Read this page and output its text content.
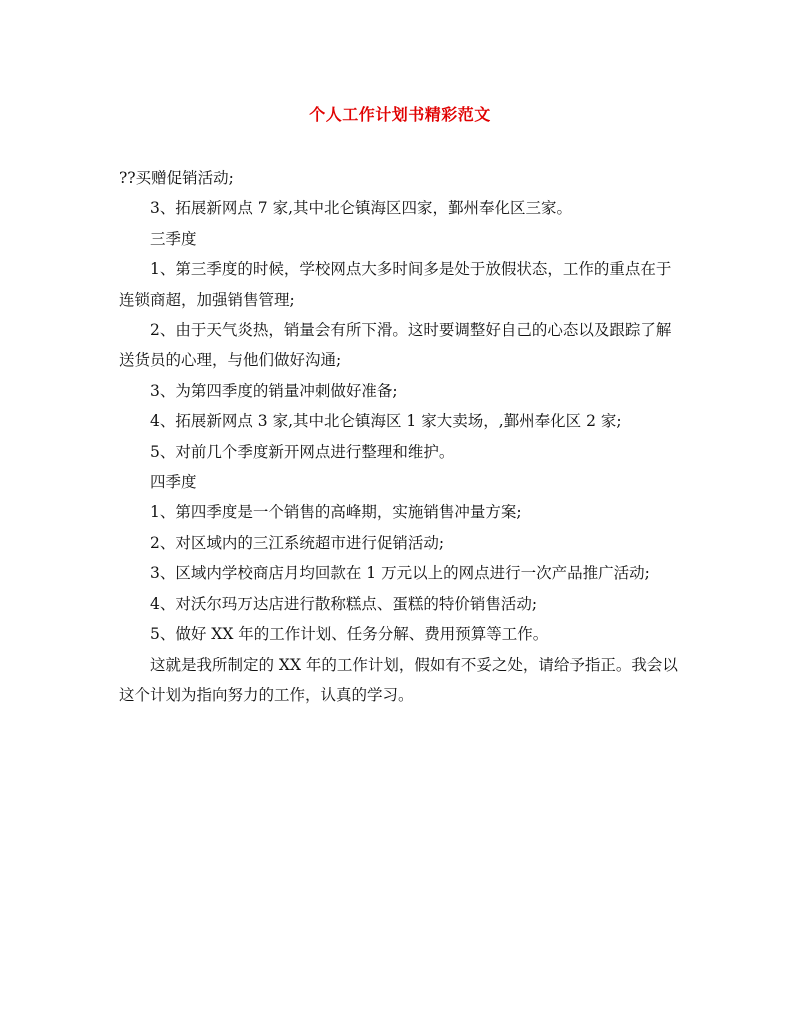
个人工作计划书精彩范文

??买赠促销活动;

3、拓展新网点 7 家,其中北仑镇海区四家，鄞州奉化区三家。

三季度

1、第三季度的时候，学校网点大多时间多是处于放假状态，工作的重点在于连锁商超，加强销售管理;

2、由于天气炎热，销量会有所下滑。这时要调整好自己的心态以及跟踪了解送货员的心理，与他们做好沟通;

3、为第四季度的销量冲刺做好准备;

4、拓展新网点 3 家,其中北仑镇海区 1 家大卖场，,鄞州奉化区 2 家;

5、对前几个季度新开网点进行整理和维护。

四季度

1、第四季度是一个销售的高峰期，实施销售冲量方案;

2、对区域内的三江系统超市进行促销活动;

3、区域内学校商店月均回款在 1 万元以上的网点进行一次产品推广活动;

4、对沃尔玛万达店进行散称糕点、蛋糕的特价销售活动;

5、做好 XX 年的工作计划、任务分解、费用预算等工作。

这就是我所制定的 XX 年的工作计划，假如有不妥之处，请给予指正。我会以这个计划为指向努力的工作，认真的学习。
